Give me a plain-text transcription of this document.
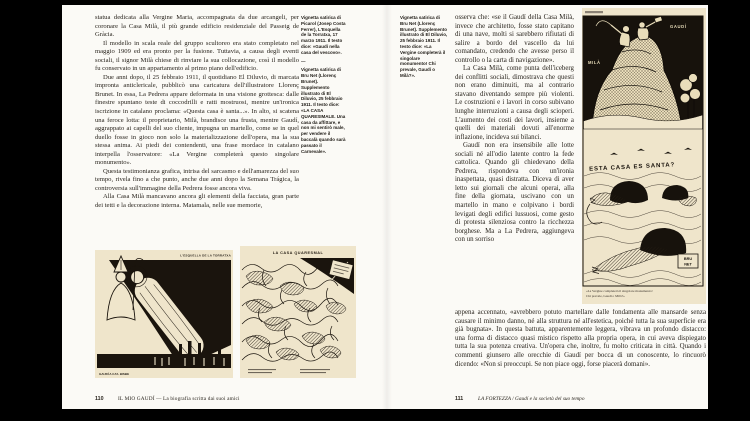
statua dedicata alla Vergine Maria, accompagnata da due arcangeli, per coronare la Casa Milà, il più grande edificio residenziale del Passeig de Gràcia.

Il modello in scala reale del gruppo scultoreo era stato completato nel maggio 1909 ed era pronto per la fusione. Tuttavia, a causa degli eventi sociali, il signor Milà chiese di rinviare la sua collocazione, così il modello fu conservato in un appartamento al primo piano dell'edificio.

Due anni dopo, il 25 febbraio 1911, il quotidiano El Diluvio, di marcata impronta anticlericale, pubblicò una caricatura dell'illustratore Llorenç Brunet. In essa, La Pedrera appare deformata in una visione grottesca: dalle finestre spuntano teste di coccodrilli e ratti mostruosi, mentre un'ironica iscrizione in catalano proclama: «Questa casa è santa...». In alto, si scatena una feroce lotta: il proprietario, Milà, brandisce una frusta, mentre Gaudí, aggrappato ai capelli del suo cliente, impugna un martello, come se in quel duello fosse in gioco non solo la materializzazione dell'opera, ma la sua stessa anima. Ai piedi dei contendenti, una frase mordace in catalano interpella l'osservatore: «La Vergine completerà questo singolare monumento».

Questa testimonianza grafica, intrisa del sarcasmo e dell'amarezza del suo tempo, rivela fino a che punto, anche due anni dopo la Semana Trágica, la controversia sull'immagine della Pedrera fosse ancora viva.

Alla Casa Milà mancavano ancora gli elementi della facciata, gran parte dei tetti e la decorazione interna. Matamala, nelle sue memorie,

Vignetta satirica di Picarol (Josep Costa Ferrer), L'Esquella de la Torratxa, 17 marzo 1911. Il testo dice: «Gaudí nella casa del vescovo».
—
Vignetta satirica di Bru Net (Llorenç Brunet). Supplemento illustrato di El Diluvio, 25 febbraio 1911. Il testo dice: «LA CASA QUARESIMALE. Una casa da affittare, e non mi sentirò male, per vendere il baccalà quando sarà passato il Carnevale».
L'ESQUELLA DE LA TORRATXA
GAUDÍ A CA'L BISBE
LA CASA QUARESMAL
110	IL MIO GAUDÍ — La biografia scritta dai suoi amici
Vignetta satirica di Bru Net (Llorenç Brunet). Supplemento illustrato di El Diluvio, 25 febbraio 1911. Il testo dice: «La Vergine completerà il singolare monumento! Chi prevale, Gaudí o Milà?».

osserva che: «se il Gaudí della Casa Milà, invece che architetto, fosse stato capitano di una nave, molti si sarebbero rifiutati di salire a bordo del vascello da lui comandato, credendo che avesse perso il controllo o la carta di navigazione».

La Casa Milà, come punta dell'iceberg dei conflitti sociali, dimostrava che questi non erano diminuiti, ma al contrario stavano diventando sempre più violenti. Le costruzioni e i lavori in corso subivano lunghe interruzioni a causa degli scioperi. L'aumento dei costi dei lavori, insieme a quelli dei materiali dovuti all'enorme inflazione, incideva sui bilanci.

Gaudí non era insensibile alle lotte sociali né all'odio latente contro la fede cattolica. Quando gli chiedevano della Pedrera, rispondeva con un'ironia inaspettata, quasi distratta. Diceva di aver letto sui giornali che alcuni operai, alla fine della giornata, uscivano con un martello in mano e colpivano i bordi levigati degli edifici lussuosi, come gesto di protesta silenziosa contro la ricchezza borghese. Ma a La Pedrera, aggiungeva con un sorriso

appena accennato, «avrebbero potuto martellare dalle fondamenta alle mansarde senza causare il minimo danno, né alla struttura né all'estetica, poiché tutta la sua superficie era già bugnata». In questa battuta, apparentemente leggera, vibrava un profondo distacco: una forma di distacco quasi mistico rispetto alla propria opera, in cui aveva dispiegato tutta la sua potenza creativa. Un'opera che, inoltre, fu molto criticata in città. Quando i commenti giunsero alle orecchie di Gaudí per bocca di un conoscente, lo rincuorò dicendo: «Non si preoccupi. Se non piace oggi, forse piacerà domani».

GAUDÍ
MILÀ
ESTA CASA ES SANTA?
BRU
NET
«La Vergine completerà il singolare monumento!
Chi prevale, Gaudí o Milà?»
111	LA FORTEZZA / Gaudí e la società del suo tempo
